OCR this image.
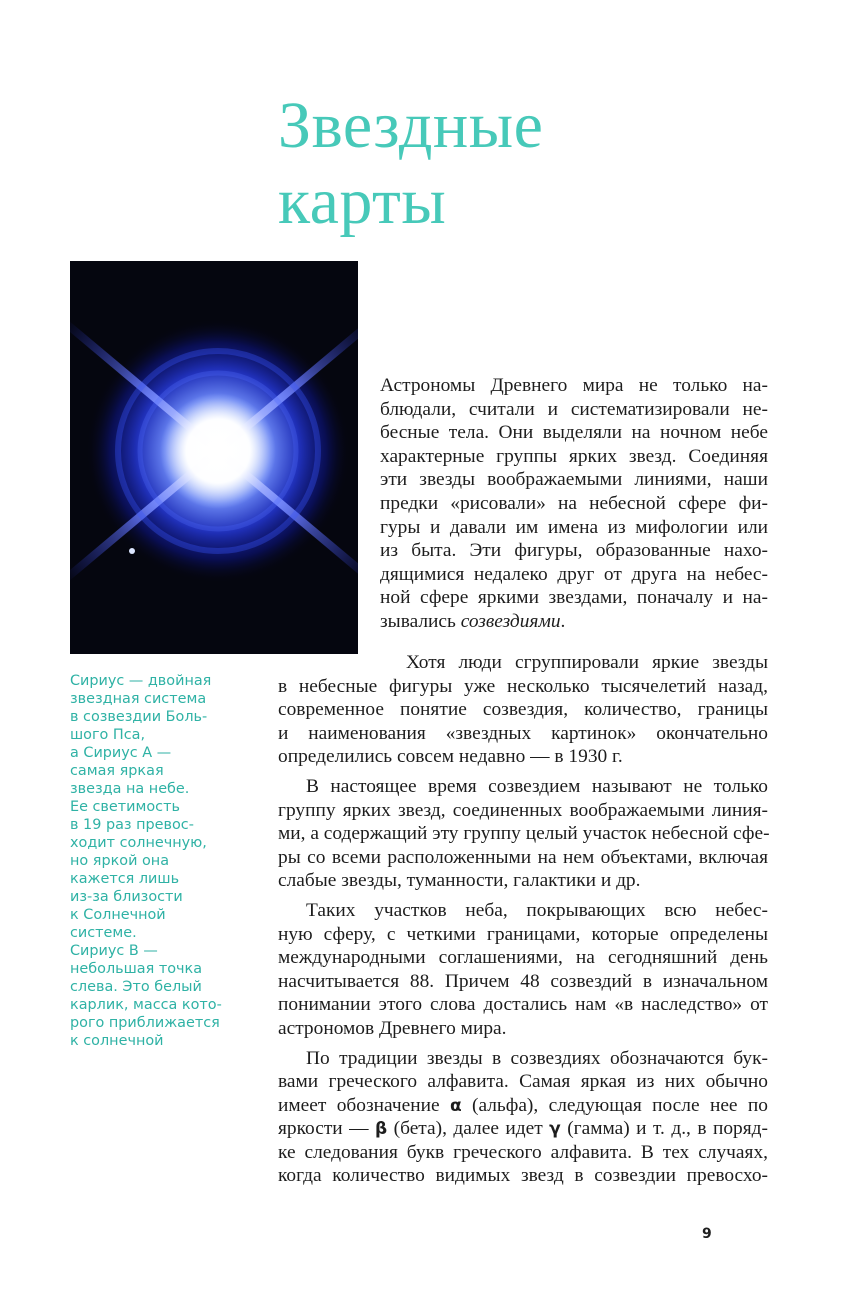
Звездные
карты
Сириус — двойная
звездная система
в созвездии Боль-
шого Пса,
а Сириус А —
самая яркая
звезда на небе.
Ее светимость
в 19 раз превос-
ходит солнечную,
но яркой она
кажется лишь
из-за близости
к Солнечной
системе.
Сириус В —
небольшая точка
слева. Это белый
карлик, масса кото-
рого приближается
к солнечной
Астрономы Древнего мира не только на-
блюдали, считали и систематизировали не-
бесные тела. Они выделяли на ночном небе
характерные группы ярких звезд. Соединяя
эти звезды воображаемыми линиями, наши
предки «рисовали» на небесной сфере фи-
гуры и давали им имена из мифологии или
из быта. Эти фигуры, образованные нахо-
дящимися недалеко друг от друга на небес-
ной сфере яркими звездами, поначалу и на-
зывались созвездиями.
Хотя люди сгруппировали яркие звезды
в небесные фигуры уже несколько тысячелетий назад,
современное понятие созвездия, количество, границы
и наименования «звездных картинок» окончательно
определились совсем недавно — в 1930 г.
В настоящее время созвездием называют не только
группу ярких звезд, соединенных воображаемыми линия-
ми, а содержащий эту группу целый участок небесной сфе-
ры со всеми расположенными на нем объектами, включая
слабые звезды, туманности, галактики и др.
Таких участков неба, покрывающих всю небес-
ную сферу, с четкими границами, которые определены
международными соглашениями, на сегодняшний день
насчитывается 88. Причем 48 созвездий в изначальном
понимании этого слова достались нам «в наследство» от
астрономов Древнего мира.
По традиции звезды в созвездиях обозначаются бук-
вами греческого алфавита. Самая яркая из них обычно
имеет обозначение α (альфа), следующая после нее по
яркости — β (бета), далее идет γ (гамма) и т. д., в поряд-
ке следования букв греческого алфавита. В тех случаях,
когда количество видимых звезд в созвездии превосхо-
9
